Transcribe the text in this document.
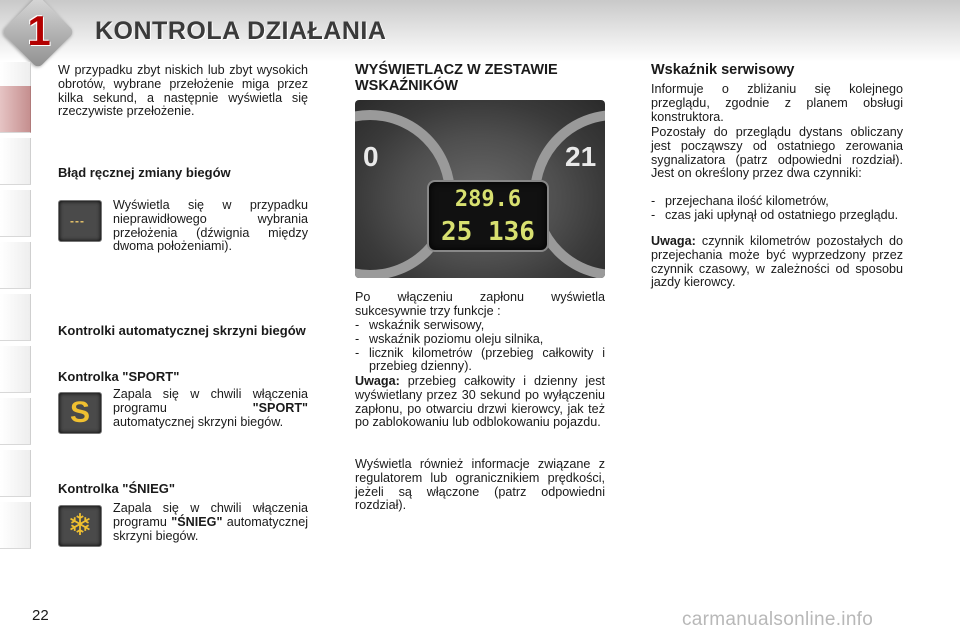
1 KONTROLA DZIAŁANIA
W przypadku zbyt niskich lub zbyt wysokich obrotów, wybrane przełożenie miga przez kilka sekund, a następnie wyświetla się rzeczywiste przełożenie.
Błąd ręcznej zmiany biegów
---
Wyświetla się w przypadku nieprawidłowego wybrania przełożenia (dźwignia między dwoma położeniami).
Kontrolki automatycznej skrzyni biegów
Kontrolka "SPORT"
S
Zapala się w chwili włączenia programu "SPORT" automatycznej skrzyni biegów.
Kontrolka "ŚNIEG"
❄	Zapala się w chwili włączenia programu "ŚNIEG" automatycznej skrzyni biegów.
WYŚWIETLACZ W ZESTAWIE WSKAŹNIKÓW
0	21
289.6
25 136
Po włączeniu zapłonu wyświetla sukcesywnie trzy funkcje :
- wskaźnik serwisowy,
- wskaźnik poziomu oleju silnika,
- licznik kilometrów (przebieg całkowity i przebieg dzienny).
Uwaga: przebieg całkowity i dzienny jest wyświetlany przez 30 sekund po wyłączeniu zapłonu, po otwarciu drzwi kierowcy, jak też po zablokowaniu lub odblokowaniu pojazdu.
Wyświetla również informacje związane z regulatorem lub ogranicznikiem prędkości, jeżeli są włączone (patrz odpowiedni rozdział).
Wskaźnik serwisowy
Informuje o zbliżaniu się kolejnego przeglądu, zgodnie z planem obsługi konstruktora.
Pozostały do przeglądu dystans obliczany jest począwszy od ostatniego zerowania sygnalizatora (patrz odpowiedni rozdział). Jest on określony przez dwa czynniki:
- przejechana ilość kilometrów,
- czas jaki upłynął od ostatniego przeglądu.
Uwaga: czynnik kilometrów pozostałych do przejechania może być wyprzedzony przez czynnik czasowy, w zależności od sposobu jazdy kierowcy.
22	carmanualsonline.info
